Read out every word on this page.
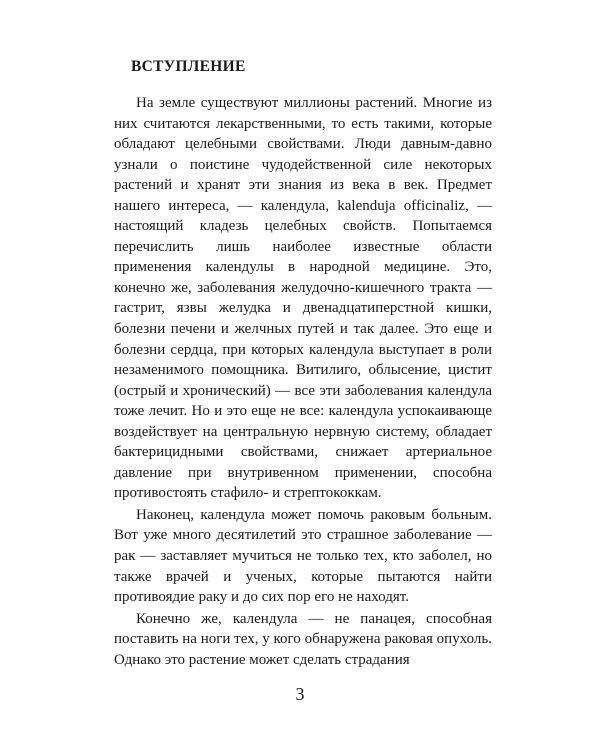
ВСТУПЛЕНИЕ

На земле существуют миллионы растений. Многие из них считаются лекарственными, то есть такими, которые обладают целебными свойствами. Люди давным-давно узнали о поистине чудодейственной силе некоторых растений и хранят эти знания из века в век. Предмет нашего интереса, — календула, kalenduja officinaliz, — настоящий кладезь целебных свойств. Попытаемся перечислить лишь наиболее известные области применения календулы в народной медицине. Это, конечно же, заболевания желудочно-кишечного тракта — гастрит, язвы желудка и двенадцатиперстной кишки, болезни печени и желчных путей и так далее. Это еще и болезни сердца, при которых календула выступает в роли незаменимого помощника. Витилиго, облысение, цистит (острый и хронический) — все эти заболевания календула тоже лечит. Но и это еще не все: календула успокаивающе воздействует на центральную нервную систему, обладает бактерицидными свойствами, снижает артериальное давление при внутривенном применении, способна противостоять стафило- и стрептококкам.

Наконец, календула может помочь раковым больным. Вот уже много десятилетий это страшное заболевание — рак — заставляет мучиться не только тех, кто заболел, но также врачей и ученых, которые пытаются найти противоядие раку и до сих пор его не находят.

Конечно же, календула — не панацея, способная поставить на ноги тех, у кого обнаружена раковая опухоль. Однако это растение может сделать страдания

3
